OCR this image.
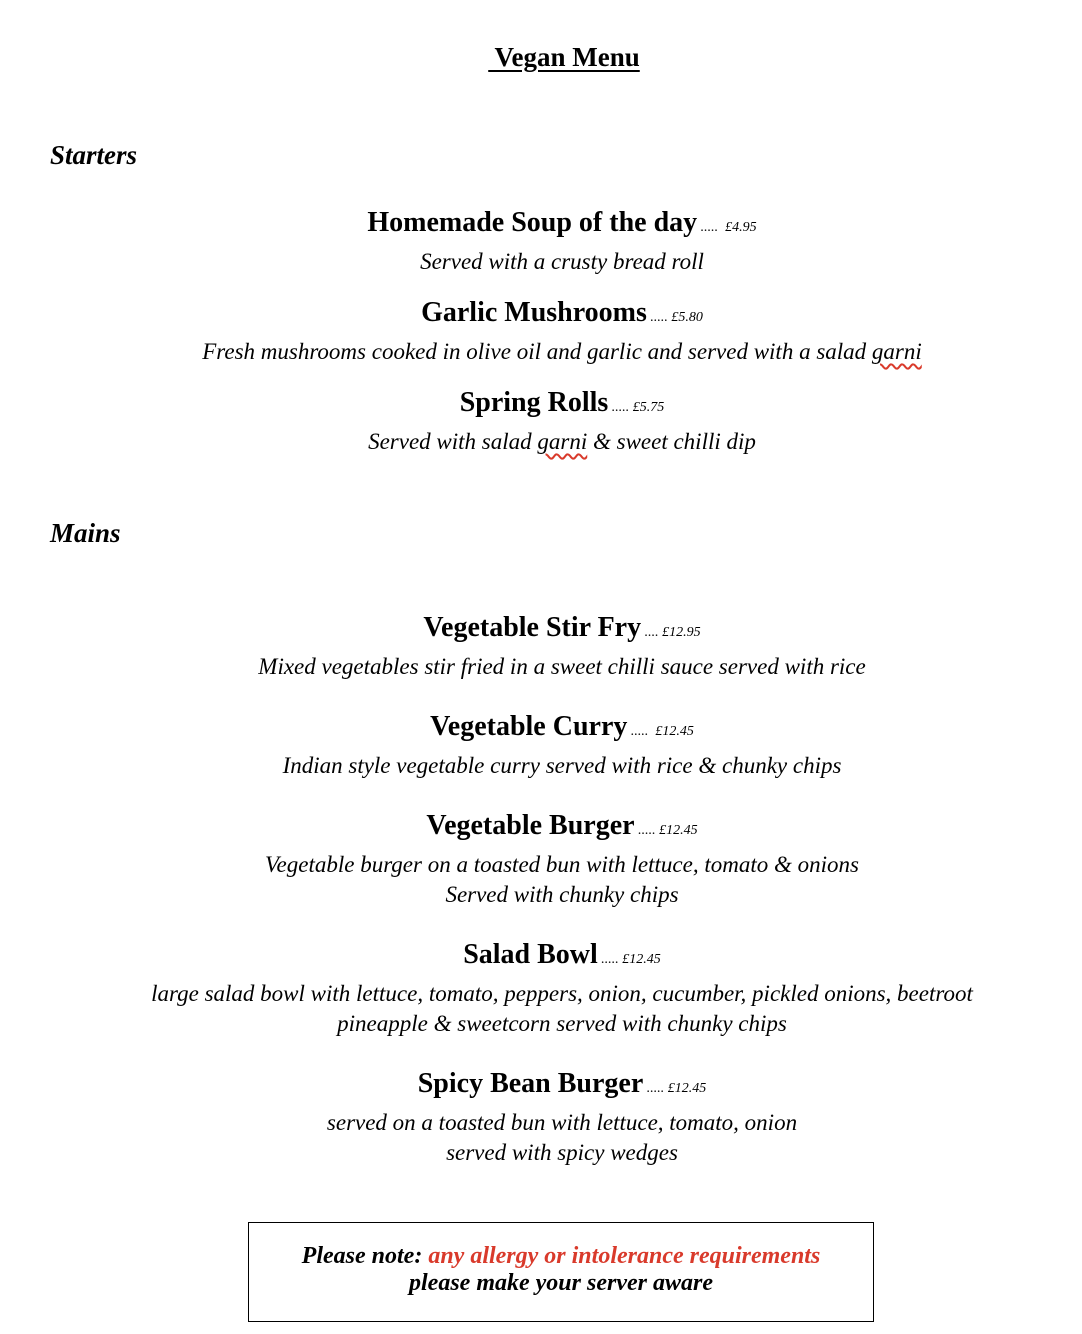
Vegan Menu
Starters
Homemade Soup of the day .....  £4.95
Served with a crusty bread roll
Garlic Mushrooms ..... £5.80
Fresh mushrooms cooked in olive oil and garlic and served with a salad garni
Spring Rolls ..... £5.75
Served with salad garni & sweet chilli dip
Mains
Vegetable Stir Fry .... £12.95
Mixed vegetables stir fried in a sweet chilli sauce served with rice
Vegetable Curry .....  £12.45
Indian style vegetable curry served with rice & chunky chips
Vegetable Burger ..... £12.45
Vegetable burger on a toasted bun with lettuce, tomato & onions
Served with chunky chips
Salad Bowl ..... £12.45
large salad bowl with lettuce, tomato, peppers, onion, cucumber, pickled onions, beetroot
pineapple & sweetcorn served with chunky chips
Spicy Bean Burger ..... £12.45
served on a toasted bun with lettuce, tomato, onion
served with spicy wedges
Please note: any allergy or intolerance requirements
please make your server aware
